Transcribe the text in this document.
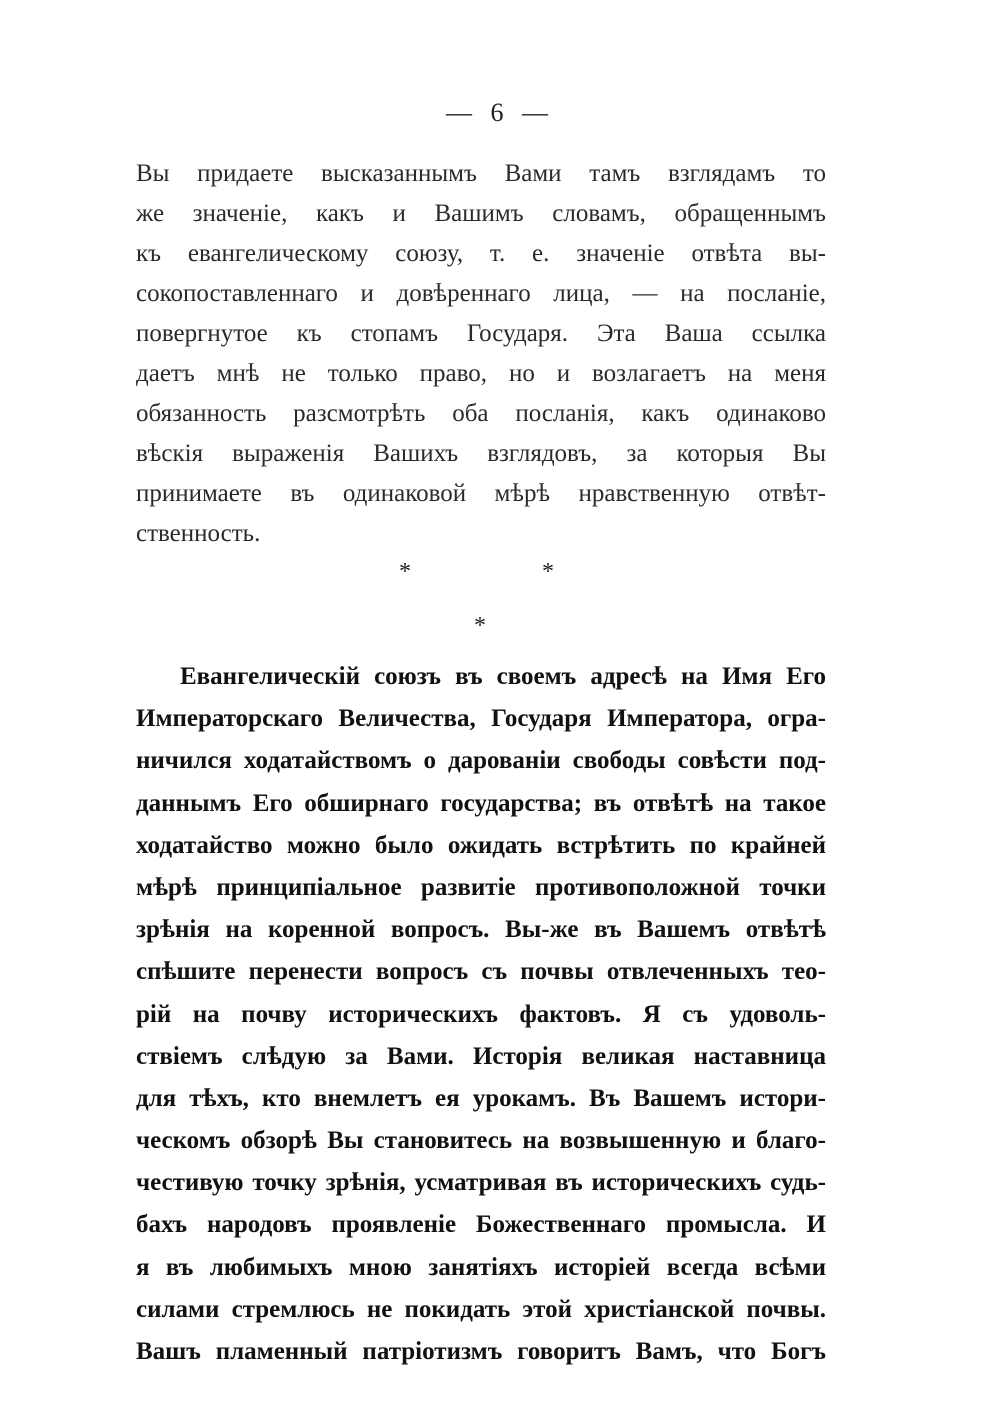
— 6 —
Вы придаете высказаннымъ Вами тамъ взглядамъ то
же значеніе, какъ и Вашимъ словамъ, обращеннымъ
къ евангелическому союзу, т. е. значеніе отвѣта вы-
сокопоставленнаго и довѣреннаго лица, — на посланіе,
повергнутое къ стопамъ Государя. Эта Ваша ссылка
даетъ мнѣ не только право, но и возлагаетъ на меня
обязанность разсмотрѣть оба посланія, какъ одинаково
вѣскія выраженія Вашихъ взглядовъ, за которыя Вы
принимаете въ одинаковой мѣрѣ нравственную отвѣт-
ственность.
*	*
*
Евангелическій союзъ въ своемъ адресѣ на Имя Его
Императорскаго Величества, Государя Императора, огра-
ничился ходатайствомъ о дарованіи свободы совѣсти под-
даннымъ Его обширнаго государства; въ отвѣтѣ на такое
ходатайство можно было ожидать встрѣтить по крайней
мѣрѣ принципіальное развитіе противоположной точки
зрѣнія на коренной вопросъ. Вы-же въ Вашемъ отвѣтѣ
спѣшите перенести вопросъ съ почвы отвлеченныхъ тео-
рій на почву историческихъ фактовъ. Я съ удоволь-
ствіемъ слѣдую за Вами. Исторія великая наставница
для тѣхъ, кто внемлетъ ея урокамъ. Въ Вашемъ истори-
ческомъ обзорѣ Вы становитесь на возвышенную и благо-
честивую точку зрѣнія, усматривая въ историческихъ судь-
бахъ народовъ проявленіе Божественнаго промысла. И
я въ любимыхъ мною занятіяхъ исторіей всегда всѣми
силами стремлюсь не покидать этой христіанской почвы.
Вашъ пламенный патріотизмъ говоритъ Вамъ, что Богъ
